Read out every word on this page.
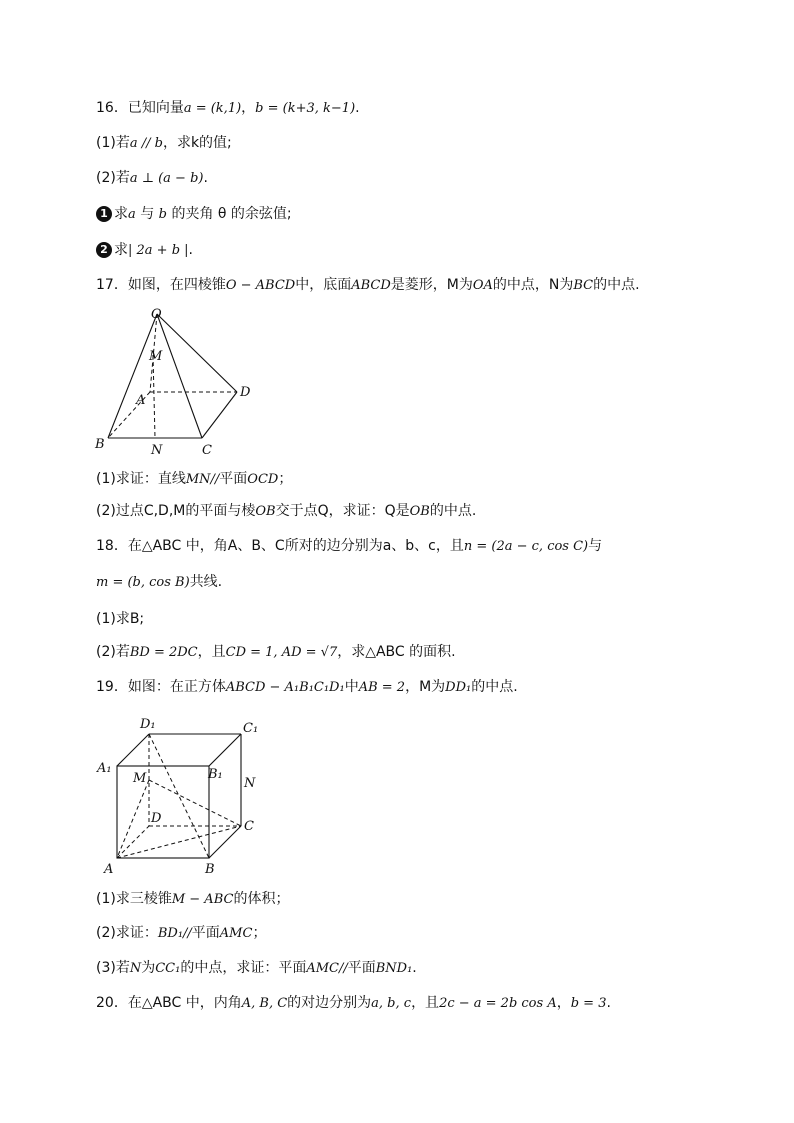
16．已知向量a = (k,1)，b = (k+3, k−1).
(1)若a // b，求k的值;
(2)若a ⊥ (a − b).
1 求a 与 b 的夹角 θ 的余弦值;
2 求| 2a + b |.
17．如图，在四棱锥O − ABCD中，底面ABCD是菱形，M为OA的中点，N为BC的中点.
O
M
A
D
B	N	C
(1)求证：直线MN//平面OCD；
(2)过点C,D,M的平面与棱OB交于点Q，求证：Q是OB的中点.
18．在△ABC 中，角A、B、C所对的边分别为a、b、c，且n = (2a − c, cos C)与
m = (b, cos B)共线.
(1)求B;
(2)若BD = 2DC，且CD = 1, AD = √7，求△ABC 的面积.
19．如图：在正方体ABCD − A₁B₁C₁D₁中AB = 2，M为DD₁的中点.
D₁	C₁
A₁	B₁
M	N
D
C
A	B
(1)求三棱锥M − ABC的体积；
(2)求证：BD₁//平面AMC；
(3)若N为CC₁的中点，求证：平面AMC//平面BND₁.
20．在△ABC 中，内角A, B, C的对边分别为a, b, c，且2c − a = 2b cos A，b = 3.
